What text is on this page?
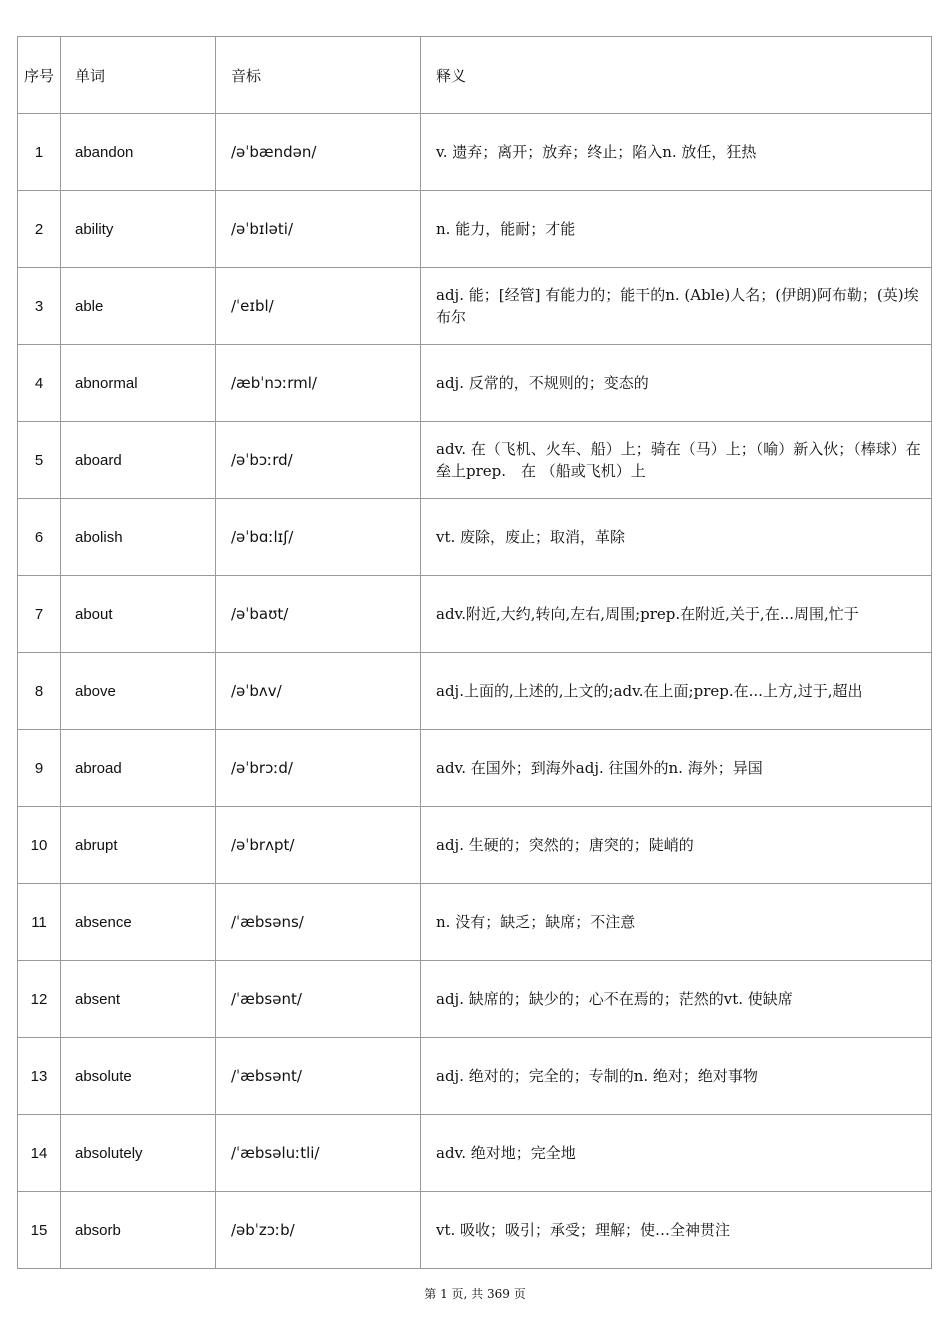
序号	单词	音标	释义
1	abandon	/əˈbændən/	v. 遗弃；离开；放弃；终止；陷入n. 放任，狂热
2	ability	/əˈbɪləti/	n. 能力，能耐；才能
3	able	/ˈeɪbl/	adj. 能；[经管] 有能力的；能干的n. (Able)人名；(伊朗)阿布勒；(英)埃布尔
4	abnormal	/æbˈnɔːrml/	adj. 反常的，不规则的；变态的
5	aboard	/əˈbɔːrd/	adv. 在（飞机、火车、船）上；骑在（马）上；（喻）新入伙；（棒球）在垒上prep.　在 （船或飞机）上
6	abolish	/əˈbɑːlɪʃ/	vt. 废除，废止；取消，革除
7	about	/əˈbaʊt/	adv.附近,大约,转向,左右,周围;prep.在附近,关于,在...周围,忙于
8	above	/əˈbʌv/	adj.上面的,上述的,上文的;adv.在上面;prep.在...上方,过于,超出
9	abroad	/əˈbrɔːd/	adv. 在国外；到海外adj. 往国外的n. 海外；异国
10	abrupt	/əˈbrʌpt/	adj. 生硬的；突然的；唐突的；陡峭的
11	absence	/ˈæbsəns/	n. 没有；缺乏；缺席；不注意
12	absent	/ˈæbsənt/	adj. 缺席的；缺少的；心不在焉的；茫然的vt. 使缺席
13	absolute	/ˈæbsənt/	adj. 绝对的；完全的；专制的n. 绝对；绝对事物
14	absolutely	/ˈæbsəluːtli/	adv. 绝对地；完全地
15	absorb	/əbˈzɔːb/	vt. 吸收；吸引；承受；理解；使…全神贯注
第 1 页, 共 369 页
